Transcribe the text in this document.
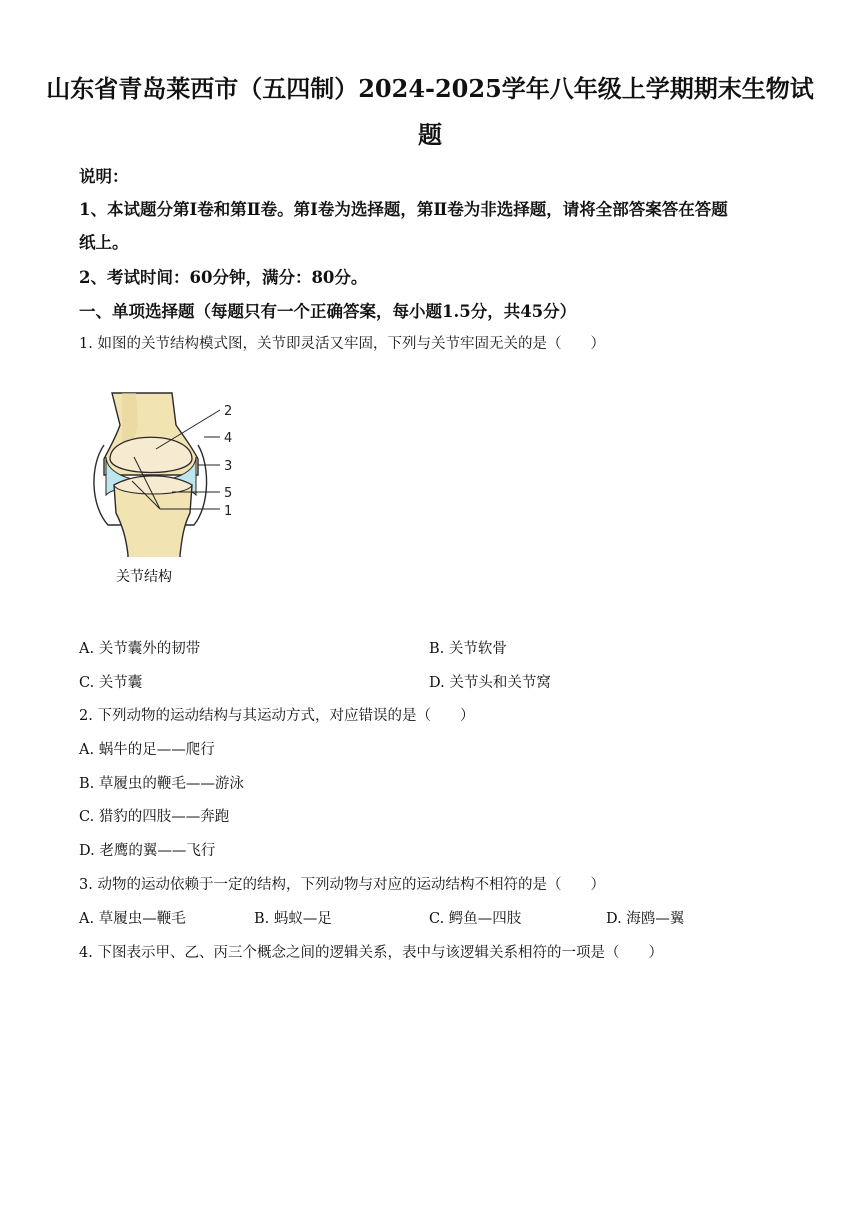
山东省青岛莱西市（五四制）2024-2025学年八年级上学期期末生物试
题
说明：
1、本试题分第Ⅰ卷和第Ⅱ卷。第Ⅰ卷为选择题，第Ⅱ卷为非选择题，请将全部答案答在答题
纸上。
2、考试时间：60分钟，满分：80分。
一、单项选择题（每题只有一个正确答案，每小题1.5分，共45分）
1. 如图的关节结构模式图，关节即灵活又牢固，下列与关节牢固无关的是（　　）
2
4
3
5
1
关节结构
A. 关节囊外的韧带	B. 关节软骨
C. 关节囊	D. 关节头和关节窝
2. 下列动物的运动结构与其运动方式，对应错误的是（　　）
A. 蜗牛的足——爬行
B. 草履虫的鞭毛——游泳
C. 猎豹的四肢——奔跑
D. 老鹰的翼——飞行
3. 动物的运动依赖于一定的结构，下列动物与对应的运动结构不相符的是（　　）
A. 草履虫—鞭毛	B. 蚂蚁—足	C. 鳄鱼—四肢	D. 海鸥—翼
4. 下图表示甲、乙、丙三个概念之间的逻辑关系，表中与该逻辑关系相符的一项是（　　）
